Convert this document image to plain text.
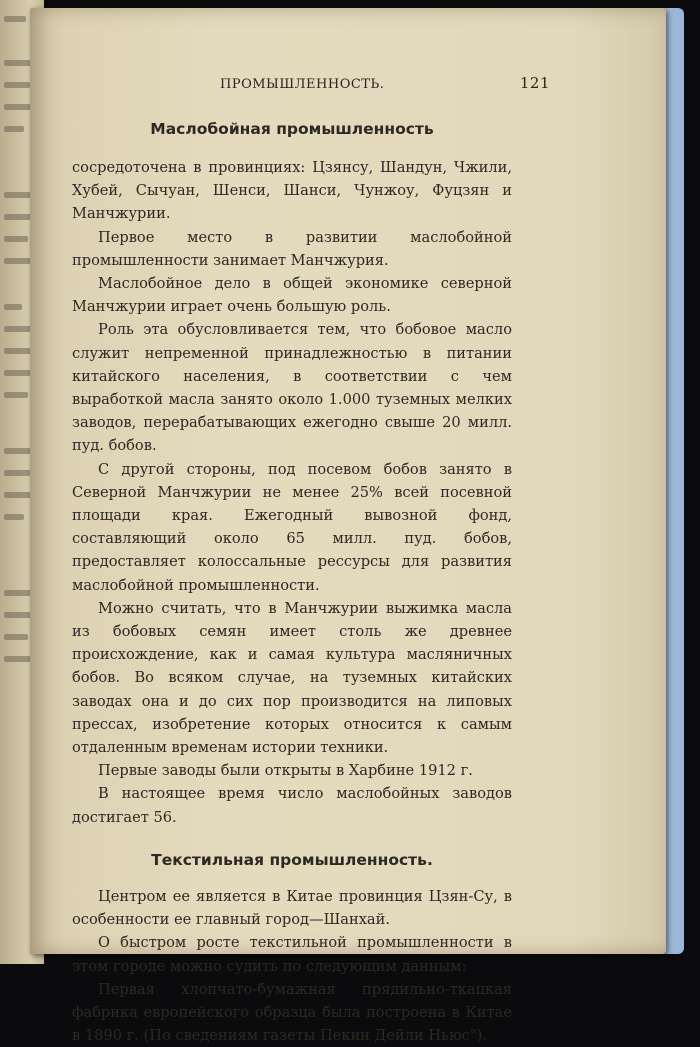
ПРОМЫШЛЕННОСТЬ.	121
Маслобойная промышленность

сосредоточена в провинциях: Цзянсу, Шандун, Чжили, Хубей, Сычуан, Шенси, Шанси, Чунжоу, Фуцзян и Манчжурии.

Первое место в развитии маслобойной промышленности занимает Манчжурия.

Маслобойное дело в общей экономике северной Манчжурии играет очень большую роль.

Роль эта обусловливается тем, что бобовое масло служит непременной принадлежностью в питании китайского населения, в соответствии с чем выработкой масла занято около 1.000 туземных мелких заводов, перерабатывающих ежегодно свыше 20 милл. пуд. бобов.

С другой стороны, под посевом бобов занято в Северной Манчжурии не менее 25% всей посевной площади края. Ежегодный вывозной фонд, составляющий около 65 милл. пуд. бобов, предоставляет колоссальные рессурсы для развития маслобойной промышленности.

Можно считать, что в Манчжурии выжимка масла из бобовых семян имеет столь же древнее происхождение, как и самая культура масляничных бобов. Во всяком случае, на туземных китайских заводах она и до сих пор производится на липовых прессах, изобретение которых относится к самым отдаленным временам истории техники.

Первые заводы были открыты в Харбине 1912 г.

В настоящее время число маслобойных заводов достигает 56.

Текстильная промышленность.

Центром ее является в Китае провинция Цзян-Су, в особенности ее главный город—Шанхай.

О быстром росте текстильной промышленности в этом городе можно судить по следующим данным:

Первая хлопчато-бумажная прядильно-ткацкая фабрика европейского образца была построена в Китае в 1890 г. (По сведениям газеты Пекин Дейли Ньюс").
